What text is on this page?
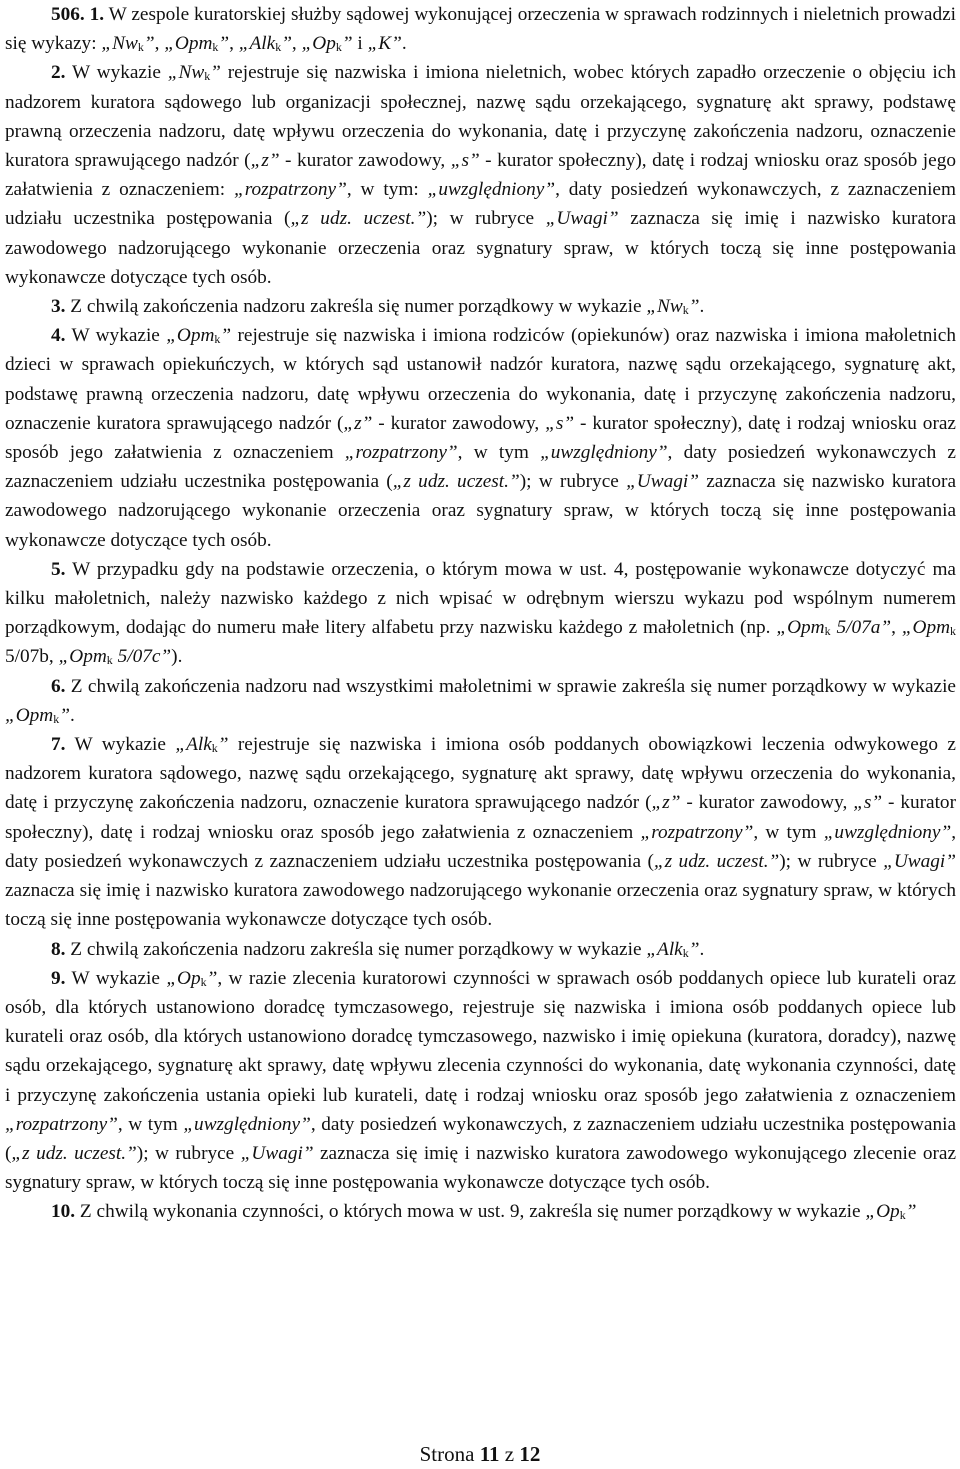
506. 1. W zespole kuratorskiej służby sądowej wykonującej orzeczenia w sprawach rodzinnych i nieletnich prowadzi się wykazy: $„Nw_k$”, „Opm$_k$”, „Alk$_k$”, $„Op_k$” i „K”.

2. W wykazie $„Nw_k$” rejestruje się nazwiska i imiona nieletnich, wobec których zapadło orzeczenie o objęciu ich nadzorem kuratora sądowego lub organizacji społecznej, nazwę sądu orzekającego, sygnaturę akt sprawy, podstawę prawną orzeczenia nadzoru, datę wpływu orzeczenia do wykonania, datę i przyczynę zakończenia nadzoru, oznaczenie kuratora sprawującego nadzór („z” - kurator zawodowy, „s” - kurator społeczny), datę i rodzaj wniosku oraz sposób jego załatwienia z oznaczeniem: „rozpatrzony”, w tym: „uwzględniony”, daty posiedzeń wykonawczych, z zaznaczeniem udziału uczestnika postępowania („z udz. uczest.”); w rubryce „Uwagi” zaznacza się imię i nazwisko kuratora zawodowego nadzorującego wykonanie orzeczenia oraz sygnatury spraw, w których toczą się inne postępowania wykonawcze dotyczące tych osób.

3. Z chwilą zakończenia nadzoru zakreśla się numer porządkowy w wykazie $„Nw_k$”.

4. W wykazie „Opm$_k$” rejestruje się nazwiska i imiona rodziców (opiekunów) oraz nazwiska i imiona małoletnich dzieci w sprawach opiekuńczych, w których sąd ustanowił nadzór kuratora, nazwę sądu orzekającego, sygnaturę akt, podstawę prawną orzeczenia nadzoru, datę wpływu orzeczenia do wykonania, datę i przyczynę zakończenia nadzoru, oznaczenie kuratora sprawującego nadzór („z” - kurator zawodowy, „s” - kurator społeczny), datę i rodzaj wniosku oraz sposób jego załatwienia z oznaczeniem „rozpatrzony”, w tym „uwzględniony”, daty posiedzeń wykonawczych z zaznaczeniem udziału uczestnika postępowania („z udz. uczest.”); w rubryce „Uwagi” zaznacza się nazwisko kuratora zawodowego nadzorującego wykonanie orzeczenia oraz sygnatury spraw, w których toczą się inne postępowania wykonawcze dotyczące tych osób.

5. W przypadku gdy na podstawie orzeczenia, o którym mowa w ust. 4, postępowanie wykonawcze dotyczyć ma kilku małoletnich, należy nazwisko każdego z nich wpisać w odrębnym wierszu wykazu pod wspólnym numerem porządkowym, dodając do numeru małe litery alfabetu przy nazwisku każdego z małoletnich (np. „Opm$_k$ 5/07a”, „Opm$_k$ 5/07b, „Opm$_k$ 5/07c”).

6. Z chwilą zakończenia nadzoru nad wszystkimi małoletnimi w sprawie zakreśla się numer porządkowy w wykazie „Opm$_k$”.

7. W wykazie „Alk$_k$” rejestruje się nazwiska i imiona osób poddanych obowiązkowi leczenia odwykowego z nadzorem kuratora sądowego, nazwę sądu orzekającego, sygnaturę akt sprawy, datę wpływu orzeczenia do wykonania, datę i przyczynę zakończenia nadzoru, oznaczenie kuratora sprawującego nadzór („z” - kurator zawodowy, „s” - kurator społeczny), datę i rodzaj wniosku oraz sposób jego załatwienia z oznaczeniem „rozpatrzony”, w tym „uwzględniony”, daty posiedzeń wykonawczych z zaznaczeniem udziału uczestnika postępowania („z udz. uczest.”); w rubryce „Uwagi” zaznacza się imię i nazwisko kuratora zawodowego nadzorującego wykonanie orzeczenia oraz sygnatury spraw, w których toczą się inne postępowania wykonawcze dotyczące tych osób.

8. Z chwilą zakończenia nadzoru zakreśla się numer porządkowy w wykazie „Alk$_k$”.

9. W wykazie $„Op_k$”, w razie zlecenia kuratorowi czynności w sprawach osób poddanych opiece lub kurateli oraz osób, dla których ustanowiono doradcę tymczasowego, rejestruje się nazwiska i imiona osób poddanych opiece lub kurateli oraz osób, dla których ustanowiono doradcę tymczasowego, nazwisko i imię opiekuna (kuratora, doradcy), nazwę sądu orzekającego, sygnaturę akt sprawy, datę wpływu zlecenia czynności do wykonania, datę wykonania czynności, datę i przyczynę zakończenia ustania opieki lub kurateli, datę i rodzaj wniosku oraz sposób jego załatwienia z oznaczeniem „rozpatrzony”, w tym „uwzględniony”, daty posiedzeń wykonawczych, z zaznaczeniem udziału uczestnika postępowania („z udz. uczest.”); w rubryce „Uwagi” zaznacza się imię i nazwisko kuratora zawodowego wykonującego zlecenie oraz sygnatury spraw, w których toczą się inne postępowania wykonawcze dotyczące tych osób.

10. Z chwilą wykonania czynności, o których mowa w ust. 9, zakreśla się numer porządkowy w wykazie $„Op_k$”

Strona 11 z 12
